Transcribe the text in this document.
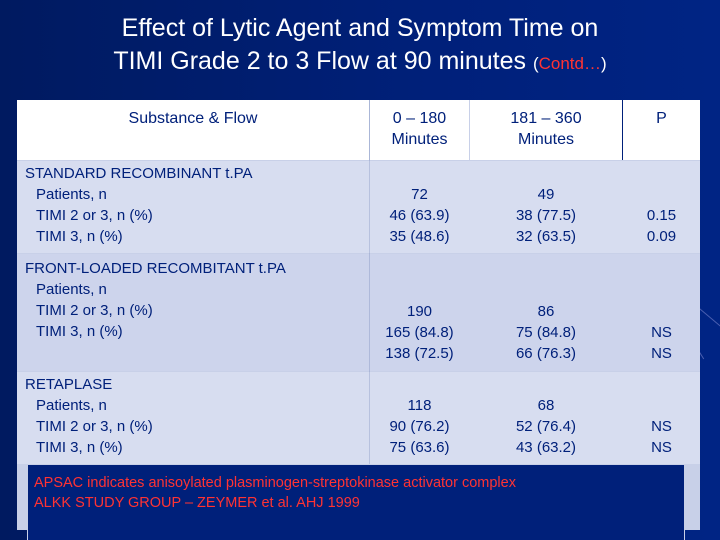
Effect of Lytic Agent and Symptom Time on
TIMI Grade 2 to 3 Flow at 90 minutes (Contd…)
Substance & Flow	0 – 180
Minutes
181 – 360
Minutes
P
STANDARD RECOMBINANT t.PA
Patients, n
TIMI 2 or 3, n (%)
TIMI 3, n (%)
72
46 (63.9)
35 (48.6)
49
38 (77.5)
32 (63.5)
0.15
0.09
FRONT-LOADED RECOMBITANT t.PA
Patients, n
TIMI 2 or 3, n (%)
TIMI 3, n (%)
190
165 (84.8)
138 (72.5)
86
75 (84.8)
66 (76.3)
NS
NS
RETAPLASE
Patients, n
TIMI 2 or 3, n (%)
TIMI 3, n (%)
118
90 (76.2)
75 (63.6)
68
52 (76.4)
43 (63.2)
NS
NS
APSAC indicates anisoylated plasminogen-streptokinase activator complex
ALKK STUDY GROUP – ZEYMER et al. AHJ 1999
